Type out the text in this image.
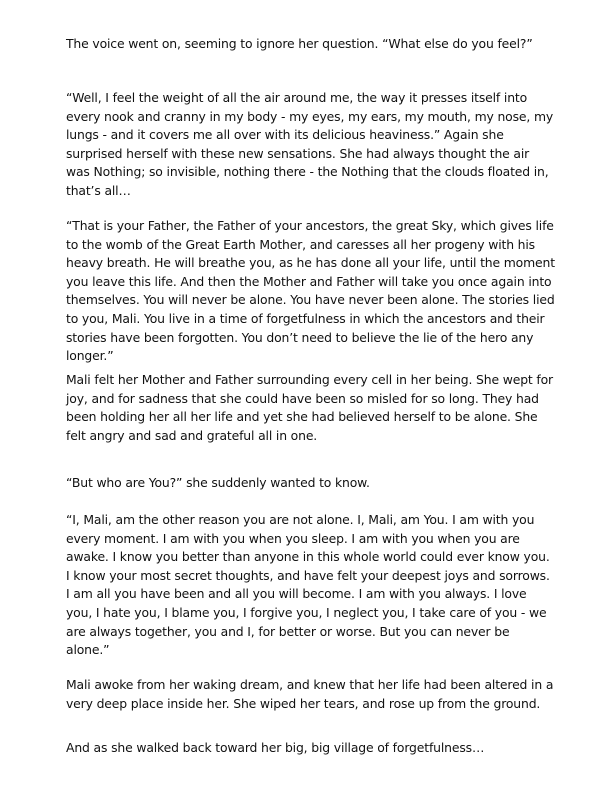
The voice went on, seeming to ignore her question. “What else do you feel?”

“Well, I feel the weight of all the air around me, the way it presses itself into every nook and cranny in my body - my eyes, my ears, my mouth, my nose, my lungs - and it covers me all over with its delicious heaviness.” Again she surprised herself with these new sensations. She had always thought the air was Nothing; so invisible, nothing there - the Nothing that the clouds floated in, that’s all…

“That is your Father, the Father of your ancestors, the great Sky, which gives life to the womb of the Great Earth Mother, and caresses all her progeny with his heavy breath. He will breathe you, as he has done all your life, until the moment you leave this life. And then the Mother and Father will take you once again into themselves. You will never be alone. You have never been alone. The stories lied to you, Mali. You live in a time of forgetfulness in which the ancestors and their stories have been forgotten. You don’t need to believe the lie of the hero any longer.”

Mali felt her Mother and Father surrounding every cell in her being. She wept for joy, and for sadness that she could have been so misled for so long. They had been holding her all her life and yet she had believed herself to be alone. She felt angry and sad and grateful all in one.

“But who are You?” she suddenly wanted to know.

“I, Mali, am the other reason you are not alone. I, Mali, am You. I am with you every moment. I am with you when you sleep. I am with you when you are awake. I know you better than anyone in this whole world could ever know you. I know your most secret thoughts, and have felt your deepest joys and sorrows. I am all you have been and all you will become. I am with you always. I love you, I hate you, I blame you, I forgive you, I neglect you, I take care of you - we are always together, you and I, for better or worse. But you can never be alone.”

Mali awoke from her waking dream, and knew that her life had been altered in a very deep place inside her. She wiped her tears, and rose up from the ground.

And as she walked back toward her big, big village of forgetfulness…
